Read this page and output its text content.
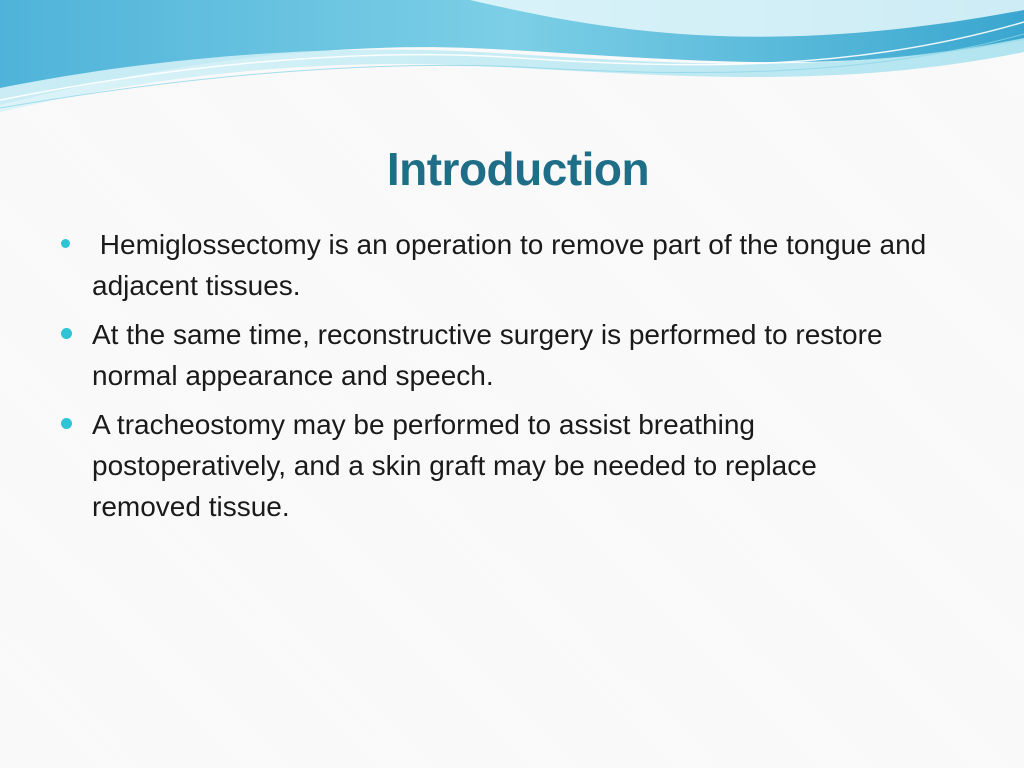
Introduction
Hemiglossectomy is an operation to remove part of the tongue and adjacent tissues.
At the same time, reconstructive surgery is performed to restore normal appearance and speech.
A tracheostomy may be performed to assist breathing postoperatively, and a skin graft may be needed to replace removed tissue.
